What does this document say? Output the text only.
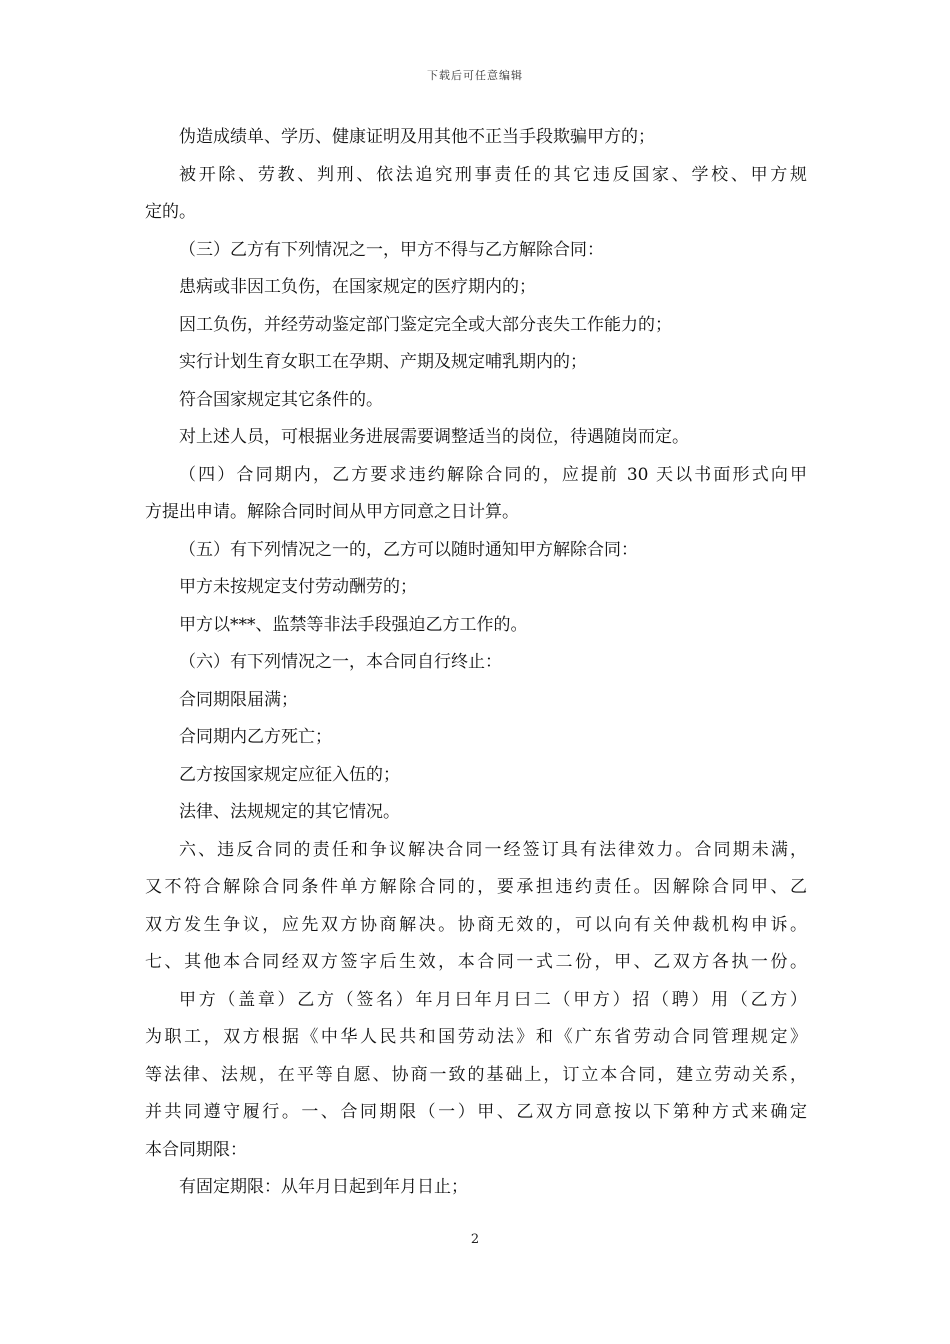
下载后可任意编辑
伪造成绩单、学历、健康证明及用其他不正当手段欺骗甲方的；
被开除、劳教、判刑、依法追究刑事责任的其它违反国家、学校、甲方规
定的。
（三）乙方有下列情况之一，甲方不得与乙方解除合同：
患病或非因工负伤，在国家规定的医疗期内的；
因工负伤，并经劳动鉴定部门鉴定完全或大部分丧失工作能力的；
实行计划生育女职工在孕期、产期及规定哺乳期内的；
符合国家规定其它条件的。
对上述人员，可根据业务进展需要调整适当的岗位，待遇随岗而定。
（四）合同期内，乙方要求违约解除合同的，应提前 30 天以书面形式向甲
方提出申请。解除合同时间从甲方同意之日计算。
（五）有下列情况之一的，乙方可以随时通知甲方解除合同：
甲方未按规定支付劳动酬劳的；
甲方以***、监禁等非法手段强迫乙方工作的。
（六）有下列情况之一，本合同自行终止：
合同期限届满；
合同期内乙方死亡；
乙方按国家规定应征入伍的；
法律、法规规定的其它情况。
六、违反合同的责任和争议解决合同一经签订具有法律效力。合同期未满，
又不符合解除合同条件单方解除合同的，要承担违约责任。因解除合同甲、乙
双方发生争议，应先双方协商解决。协商无效的，可以向有关仲裁机构申诉。
七、其他本合同经双方签字后生效，本合同一式二份，甲、乙双方各执一份。
甲方（盖章）乙方（签名）年月曰年月曰二（甲方）招（聘）用（乙方）
为职工，双方根据《中华人民共和国劳动法》和《广东省劳动合同管理规定》
等法律、法规，在平等自愿、协商一致的基础上，订立本合同，建立劳动关系，
并共同遵守履行。一、合同期限（一）甲、乙双方同意按以下第种方式来确定
本合同期限：
有固定期限：从年月日起到年月日止；
2
